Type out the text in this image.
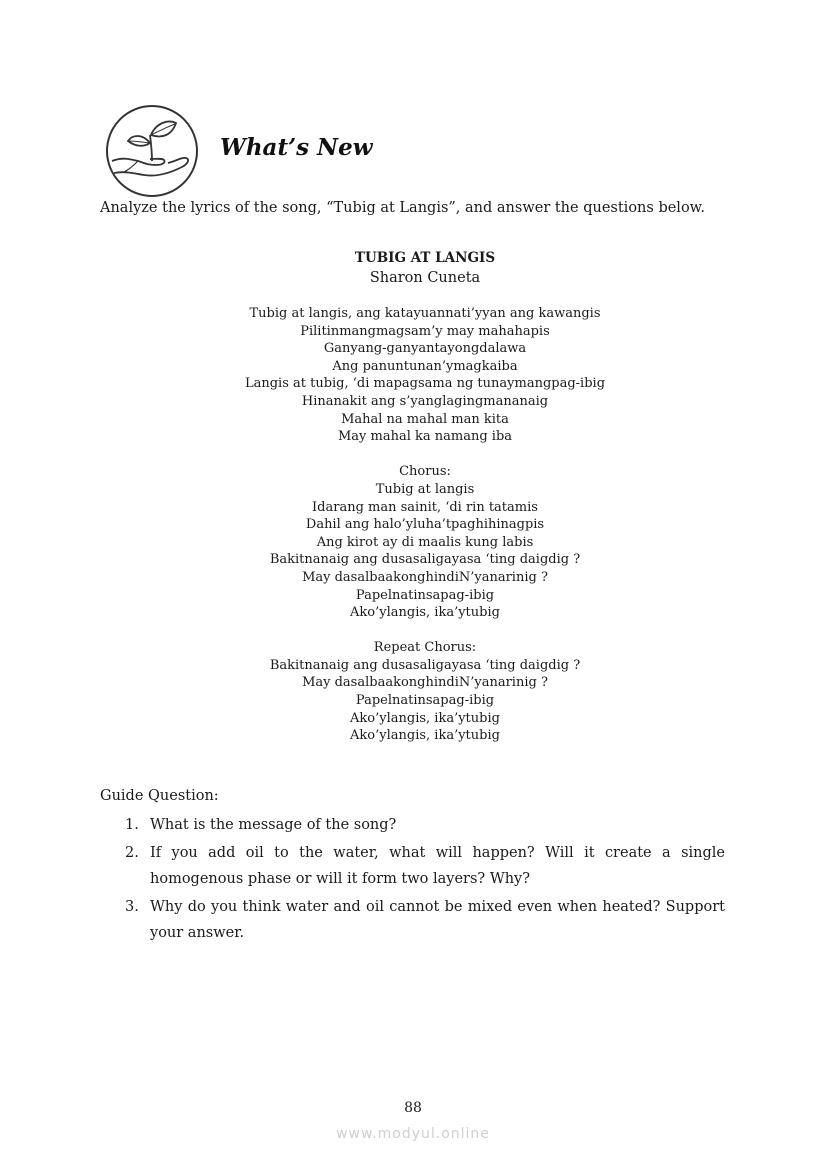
What’s New
Analyze the lyrics of the song, “Tubig at Langis”, and answer the questions below.
TUBIG AT LANGIS
Sharon Cuneta
Tubig at langis, ang katayuannati’yyan ang kawangis
Pilitinmangmagsam’y may mahahapis
Ganyang-ganyantayongdalawa
Ang panuntunan’ymagkaiba
Langis at tubig, ‘di mapagsama ng tunaymangpag-ibig
Hinanakit ang s’yanglagingmananaig
Mahal na mahal man kita
May mahal ka namang iba
Chorus:
Tubig at langis
Idarang man sainit, ‘di rin tatamis
Dahil ang halo’yluha’tpaghihinagpis
Ang kirot ay di maalis kung labis
Bakitnanaig ang dusasaligayasa ‘ting daigdig ?
May dasalbaakonghindiN’yanarinig ?
Papelnatinsapag-ibig
Ako’ylangis, ika’ytubig
Repeat Chorus:
Bakitnanaig ang dusasaligayasa ‘ting daigdig ?
May dasalbaakonghindiN’yanarinig ?
Papelnatinsapag-ibig
Ako’ylangis, ika’ytubig
Ako’ylangis, ika’ytubig
Guide Question:
1. What is the message of the song?
2. If you add oil to the water, what will happen? Will it create a single homogenous phase or will it form two layers? Why?
3. Why do you think water and oil cannot be mixed even when heated? Support your answer.
88
www.modyul.online
